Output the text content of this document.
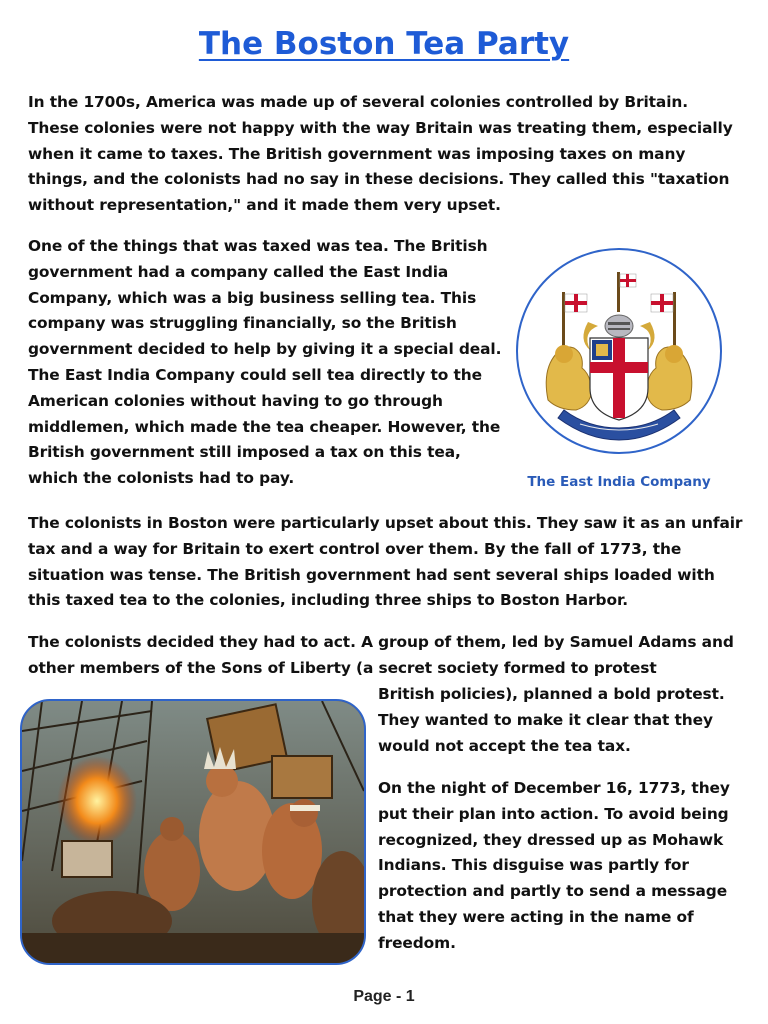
The Boston Tea Party

In the 1700s, America was made up of several colonies controlled by Britain. These colonies were not happy with the way Britain was treating them, especially when it came to taxes. The British government was imposing taxes on many things, and the colonists had no say in these decisions. They called this "taxation without representation," and it made them very upset.

One of the things that was taxed was tea. The British government had a company called the East India Company, which was a big business selling tea. This company was struggling financially, so the British government decided to help by giving it a special deal. The East India Company could sell tea directly to the American colonies without having to go through middlemen, which made the tea cheaper. However, the British government still imposed a tax on this tea, which the colonists had to pay.	The East India Company

The colonists in Boston were particularly upset about this. They saw it as an unfair tax and a way for Britain to exert control over them. By the fall of 1773, the situation was tense. The British government had sent several ships loaded with this taxed tea to the colonies, including three ships to Boston Harbor.

The colonists decided they had to act. A group of them, led by Samuel Adams and other members of the Sons of Liberty (a secret society formed to protest

British policies), planned a bold protest. They wanted to make it clear that they would not accept the tea tax.

On the night of December 16, 1773, they put their plan into action. To avoid being recognized, they dressed up as Mohawk Indians. This disguise was partly for protection and partly to send a message that they were acting in the name of freedom.

Page - 1
